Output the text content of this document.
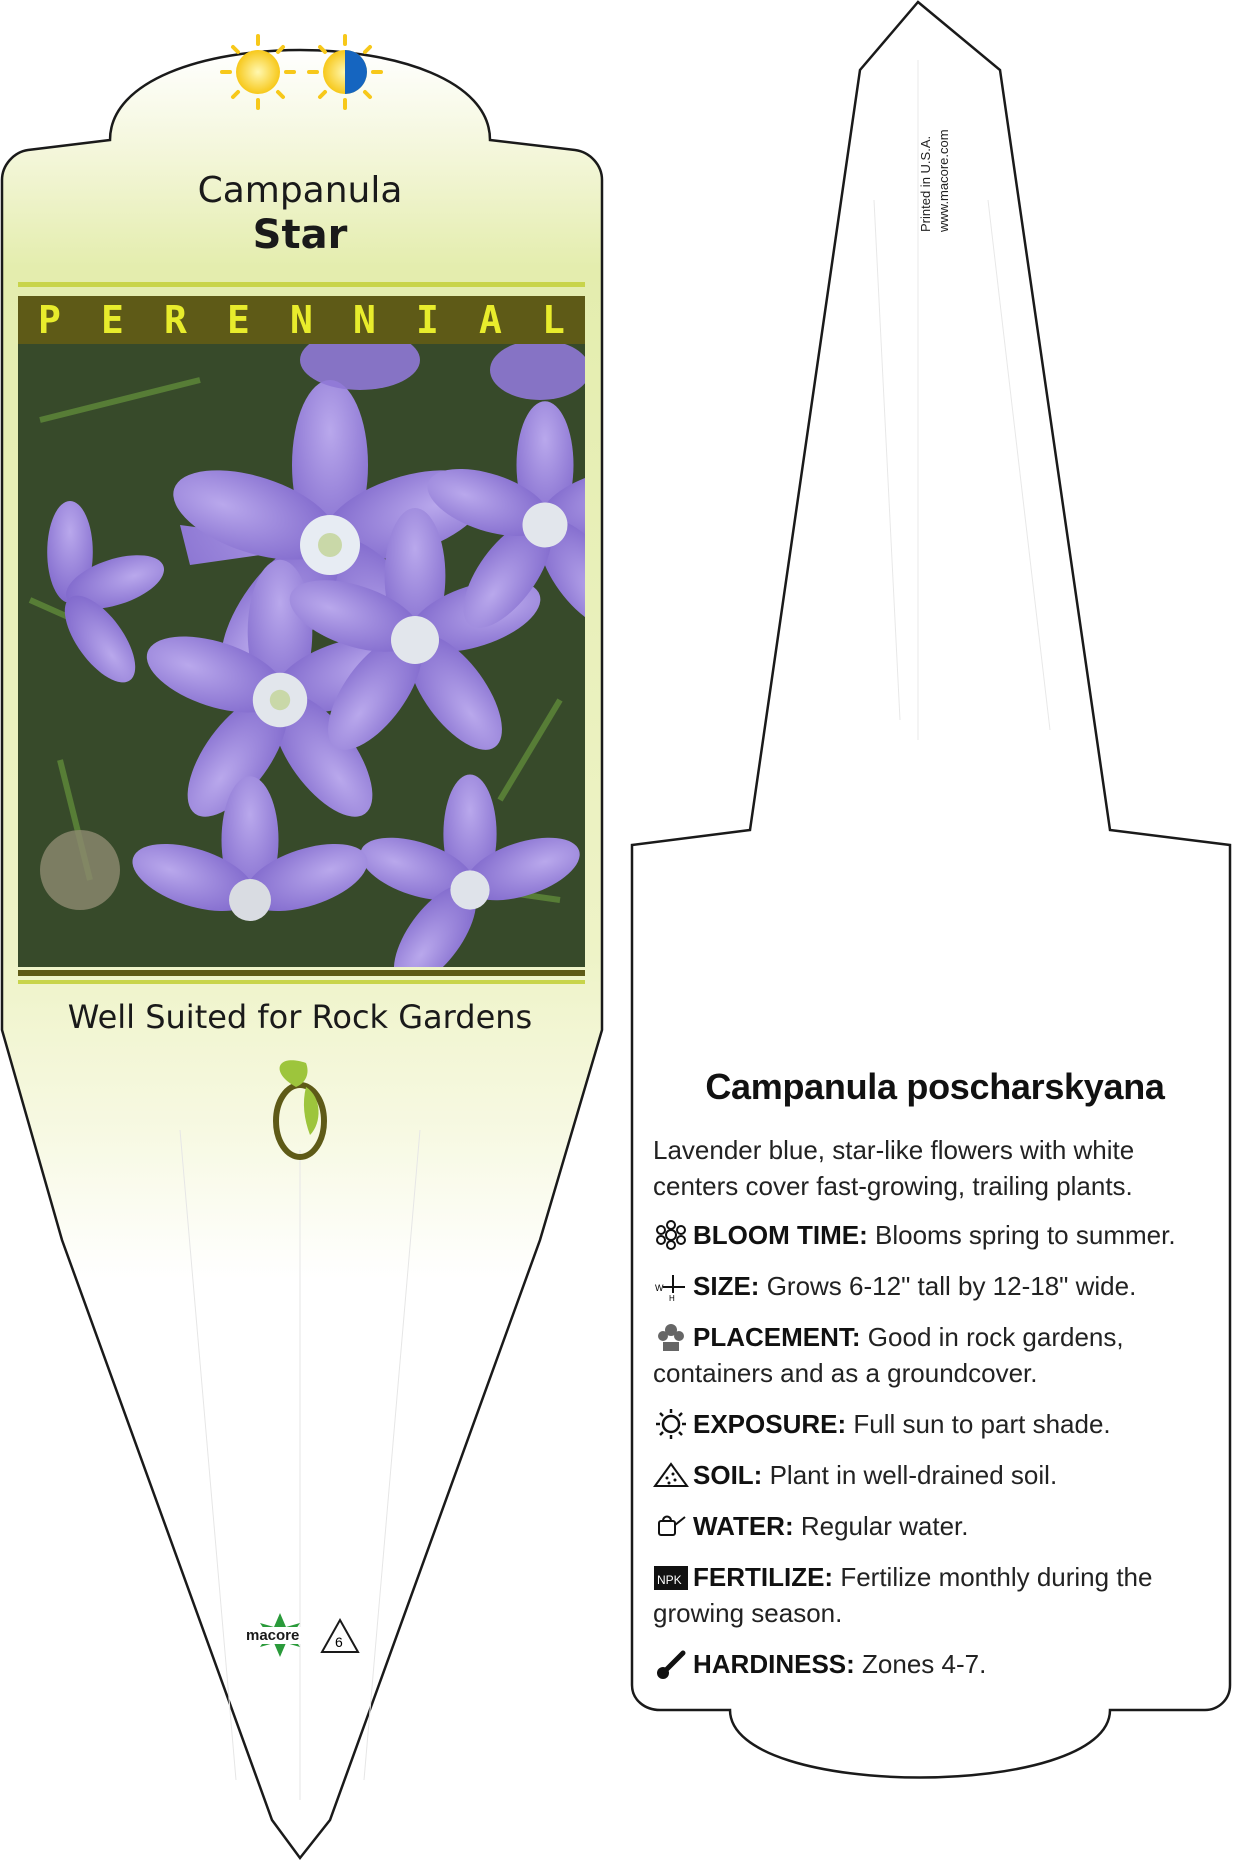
Campanula
Star
P E R E N N I A L
Well Suited for Rock Gardens
macore	6
Printed in U.S.A. www.macore.com
Campanula poscharskyana
Lavender blue, star-like flowers with white centers cover fast-growing, trailing plants.
BLOOM TIME: Blooms spring to summer.
W
H SIZE: Grows 6-12" tall by 12-18" wide.
PLACEMENT: Good in rock gardens, containers and as a groundcover.
EXPOSURE: Full sun to part shade.
SOIL: Plant in well-drained soil.
WATER: Regular water.
NPK FERTILIZE: Fertilize monthly during the growing season.
HARDINESS: Zones 4-7.
